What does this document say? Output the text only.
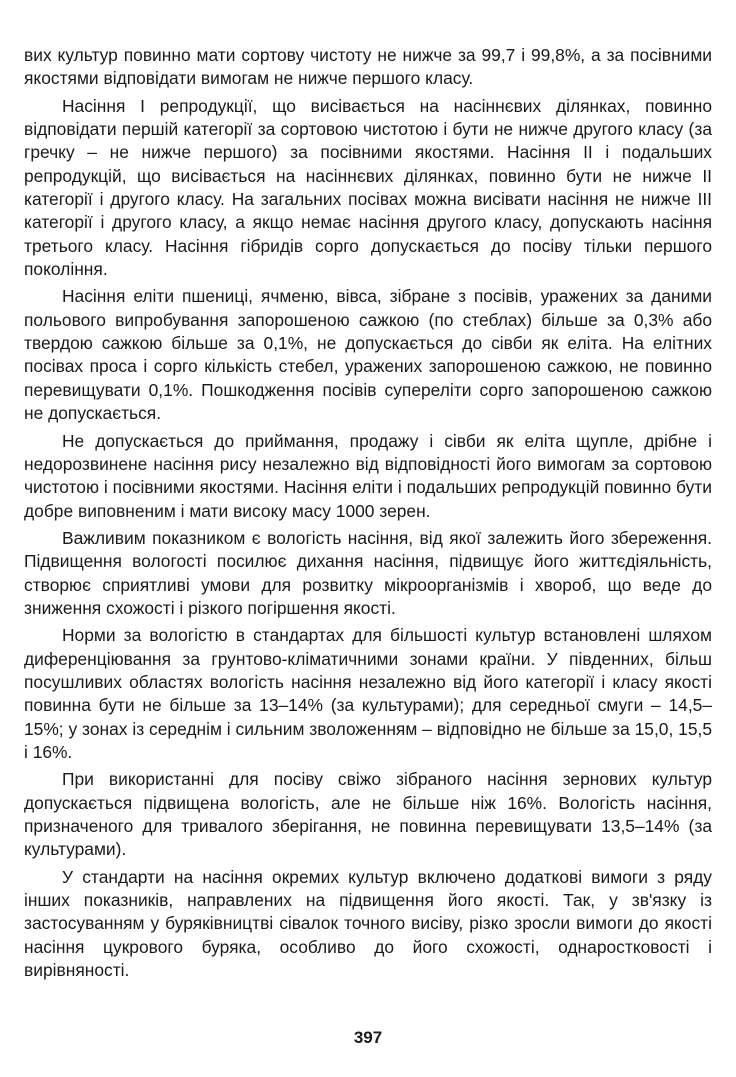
вих культур повинно мати сортову чистоту не нижче за 99,7 і 99,8%, а за посівними якостями відповідати вимогам не нижче першого класу.

Насіння І репродукції, що висівається на насіннєвих ділянках, повинно відповідати першій категорії за сортовою чистотою і бути не нижче другого класу (за гречку – не нижче першого) за посівними якостями. Насіння ІІ і подальших репродукцій, що висівається на насіннєвих ділянках, повинно бути не нижче ІІ категорії і другого класу. На загальних посівах можна висівати насіння не нижче ІІІ категорії і другого класу, а якщо немає насіння другого класу, допускають насіння третього класу. Насіння гібридів сорго допускається до посіву тільки першого покоління.

Насіння еліти пшениці, ячменю, вівса, зібране з посівів, уражених за даними польового випробування запорошеною сажкою (по стеблах) більше за 0,3% або твердою сажкою більше за 0,1%, не допускається до сівби як еліта. На елітних посівах проса і сорго кількість стебел, уражених запорошеною сажкою, не повинно перевищувати 0,1%. Пошкодження посівів супереліти сорго запорошеною сажкою не допускається.

Не допускається до приймання, продажу і сівби як еліта щупле, дрібне і недорозвинене насіння рису незалежно від відповідності його вимогам за сортовою чистотою і посівними якостями. Насіння еліти і подальших репродукцій повинно бути добре виповненим і мати високу масу 1000 зерен.

Важливим показником є вологість насіння, від якої залежить його збереження. Підвищення вологості посилює дихання насіння, підвищує його життєдіяльність, створює сприятливі умови для розвитку мікроорганізмів і хвороб, що веде до зниження схожості і різкого погіршення якості.

Норми за вологістю в стандартах для більшості культур встановлені шляхом диференціювання за грунтово-кліматичними зонами країни. У південних, більш посушливих областях вологість насіння незалежно від його категорії і класу якості повинна бути не більше за 13–14% (за культурами); для середньої смуги – 14,5–15%; у зонах із середнім і сильним зволоженням – відповідно не більше за 15,0, 15,5 і 16%.

При використанні для посіву свіжо зібраного насіння зернових культур допускається підвищена вологість, але не більше ніж 16%. Вологість насіння, призначеного для тривалого зберігання, не повинна перевищувати 13,5–14% (за культурами).

У стандарти на насіння окремих культур включено додаткові вимоги з ряду інших показників, направлених на підвищення його якості. Так, у зв'язку із застосуванням у буряківництві сівалок точного висіву, різко зросли вимоги до якості насіння цукрового буряка, особливо до його схожості, однаростковості і вирівняності.

397
